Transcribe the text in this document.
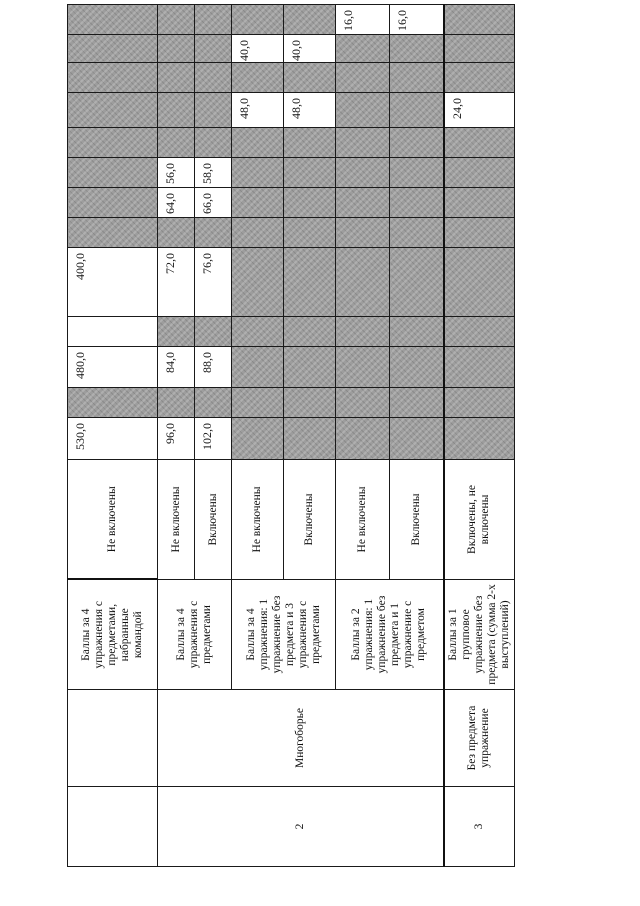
		Баллы за 4 упражнения с предметами, набранные командой	Не включены	530,0		480,0		400,0								
2	Многоборье	Баллы за 4 упражнения с предметами	Не включены	96,0		84,0		72,0		64,0	56,0					
			Включены	102,0		88,0		76,0		66,0	58,0					
		Баллы за 4 упражнения: 1 упражнение без предмета и 3 упражнения с предметами	Не включены										48,0		40,0	
			Включены										48,0		40,0	
		Баллы за 2 упражнения: 1 упражнение без предмета и 1 упражнение с предметом	Не включены													16,0
			Включены													16,0
3	Без предмета упражнение	Баллы за 1 групповое упражнение без предмета (сумма 2-х выступлений)	Включены, не включены										24,0			
